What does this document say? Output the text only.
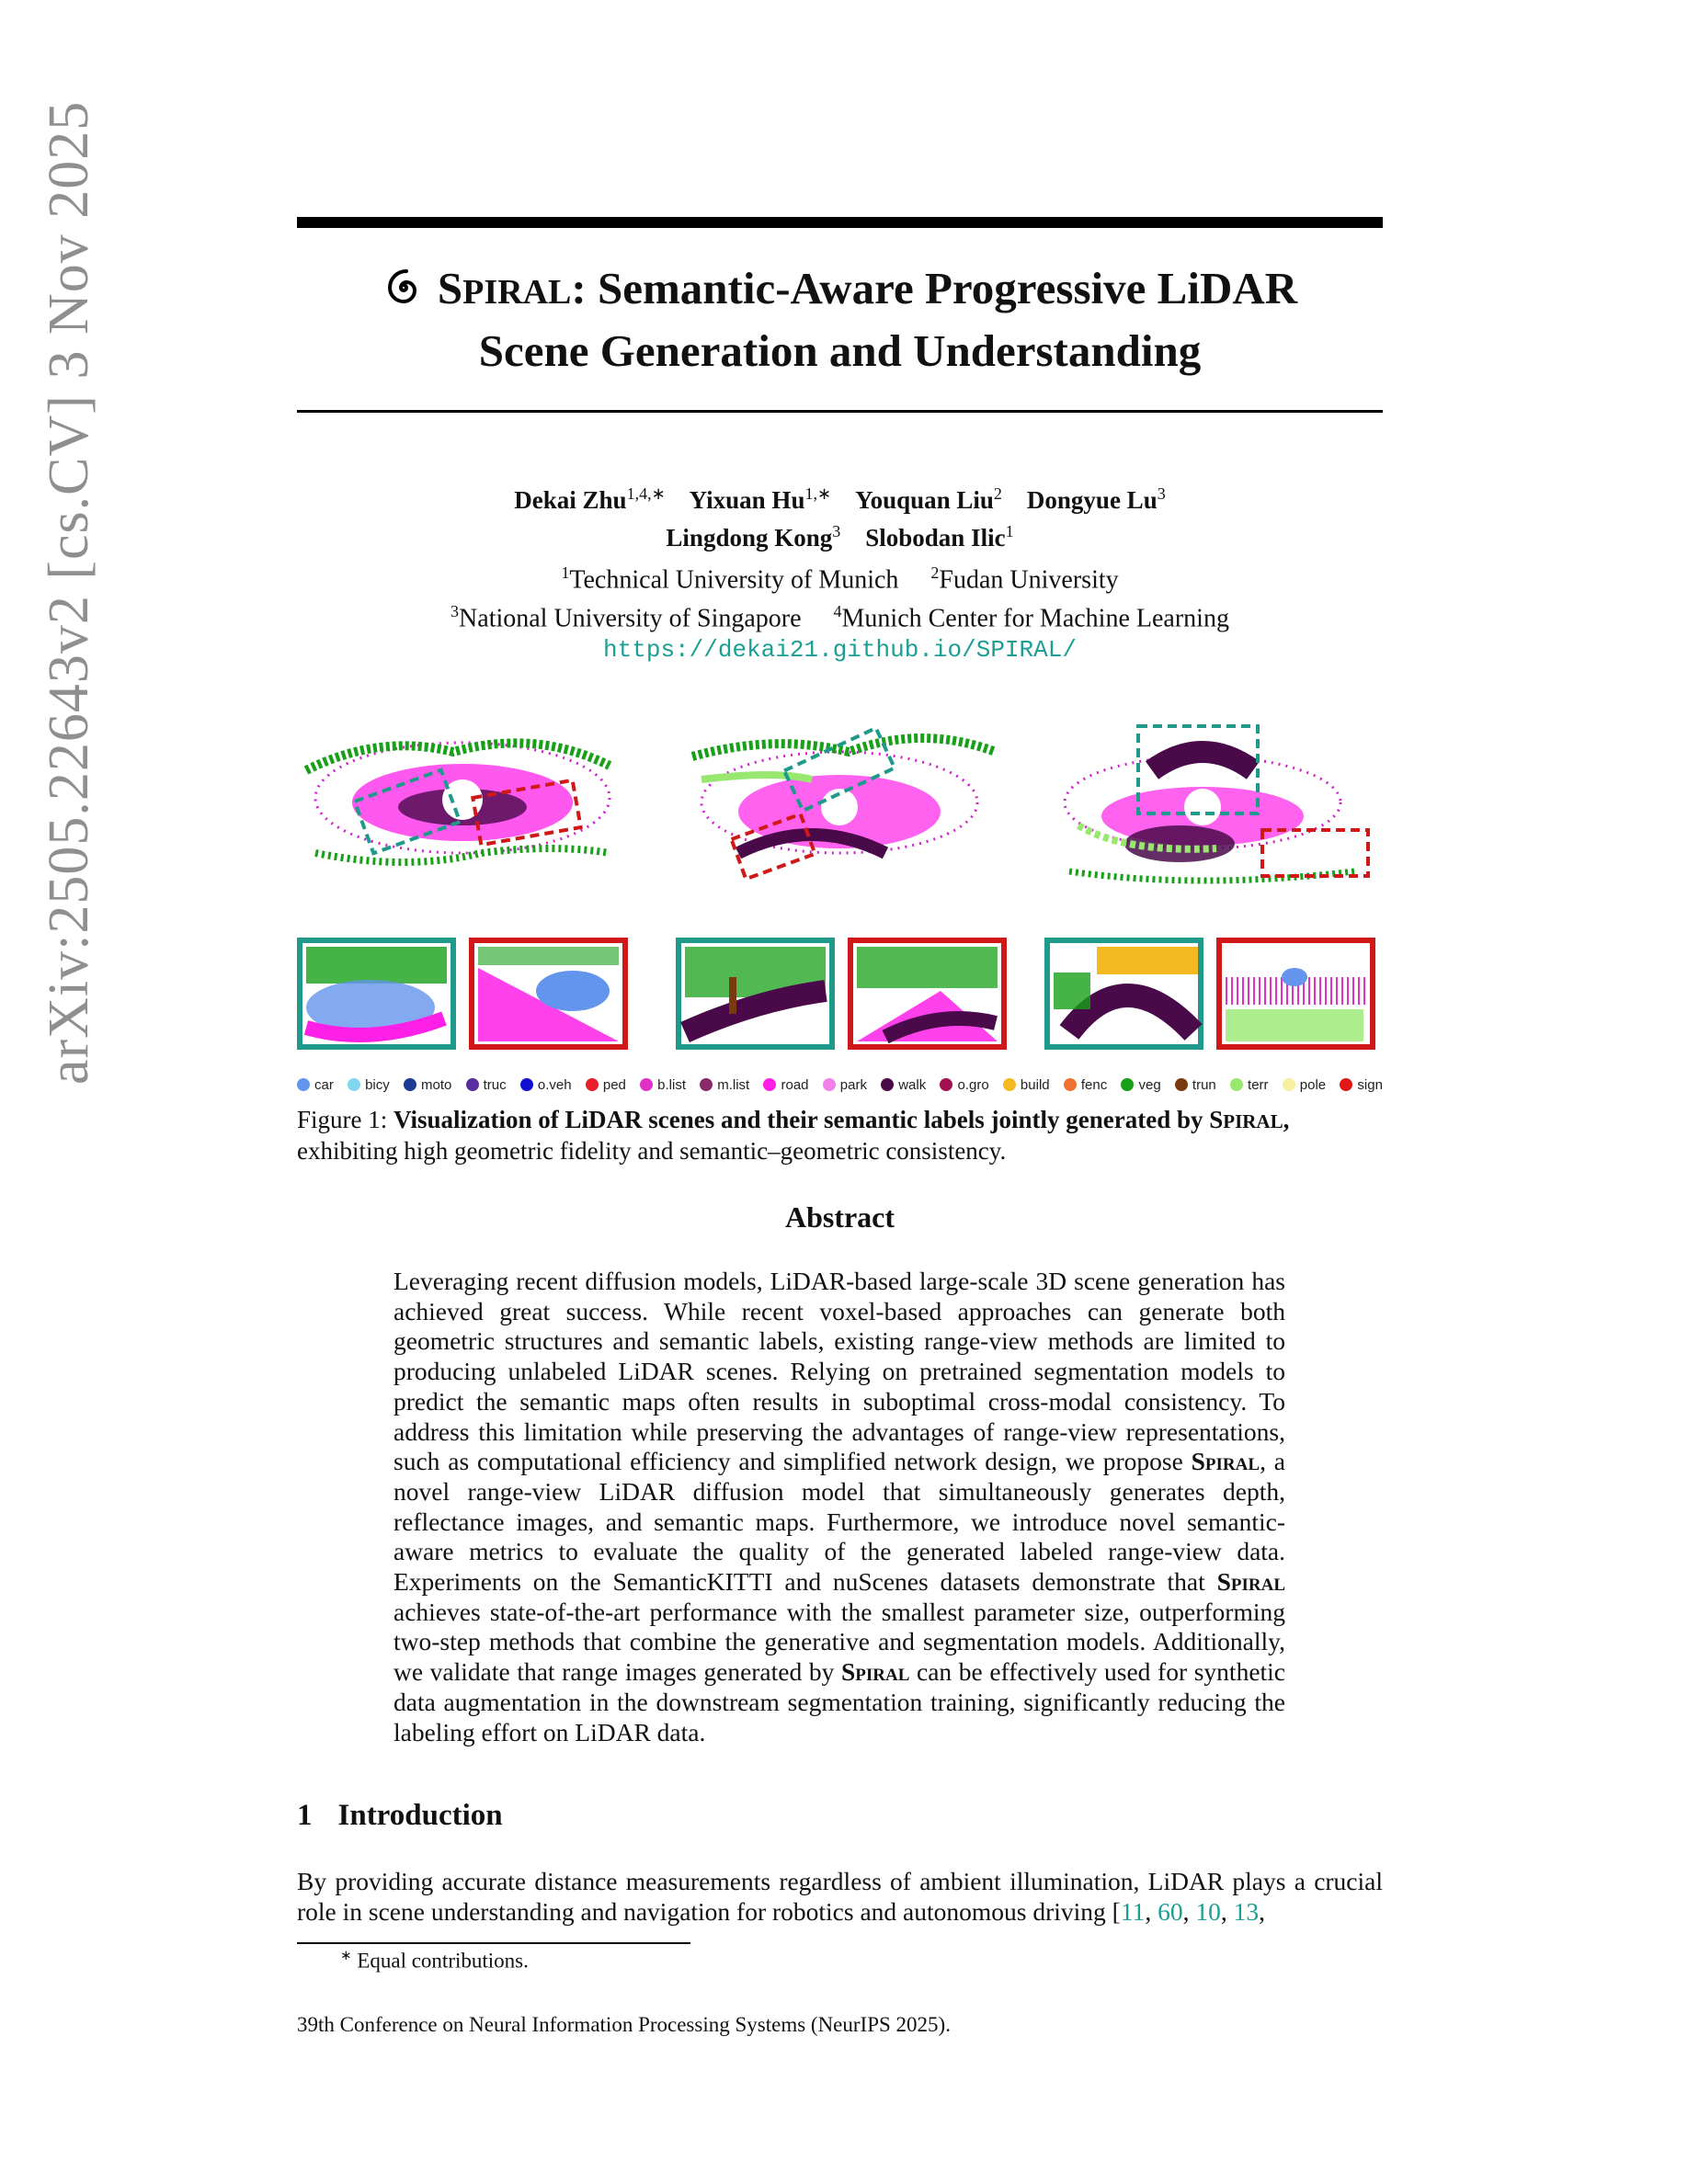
arXiv:2505.22643v2 [cs.CV] 3 Nov 2025	SPIRAL: Semantic-Aware Progressive LiDAR
Scene Generation and Understanding
Dekai Zhu$^{1,4,∗}$ Yixuan $Hu^{1,∗}$ Youquan Liu$^2$ Dongyue Lu$^3$
Lingdong Kong$^3$ Slobodan Ilic$^1$
$^1$Technical University of Munich $^2$Fudan University
$^3$National University of Singapore $^4$Munich Center for Machine Learning
https://dekai21.github.io/SPIRAL/
car bicy moto truc o.veh ped b.list m.list road park walk o.gro build fenc veg trun terr pole sign
Figure 1: Visualization of LiDAR scenes and their semantic labels jointly generated by SPIRAL, exhibiting high geometric fidelity and semantic–geometric consistency.
Abstract
Leveraging recent diffusion models, LiDAR-based large-scale 3D scene generation has achieved great success. While recent voxel-based approaches can generate both geometric structures and semantic labels, existing range-view methods are limited to producing unlabeled LiDAR scenes. Relying on pretrained segmentation models to predict the semantic maps often results in suboptimal cross-modal consistency. To address this limitation while preserving the advantages of range-view representations, such as computational efficiency and simplified network design, we propose Spiral, a novel range-view LiDAR diffusion model that simultaneously generates depth, reflectance images, and semantic maps. Furthermore, we introduce novel semantic-aware metrics to evaluate the quality of the generated labeled range-view data. Experiments on the SemanticKITTI and nuScenes datasets demonstrate that Spiral achieves state-of-the-art performance with the smallest parameter size, outperforming two-step methods that combine the generative and segmentation models. Additionally, we validate that range images generated by Spiral can be effectively used for synthetic data augmentation in the downstream segmentation training, significantly reducing the labeling effort on LiDAR data.
1 Introduction
By providing accurate distance measurements regardless of ambient illumination, LiDAR plays a crucial role in scene understanding and navigation for robotics and autonomous driving [11, 60, 10, 13,
∗ Equal contributions.
39th Conference on Neural Information Processing Systems (NeurIPS 2025).
